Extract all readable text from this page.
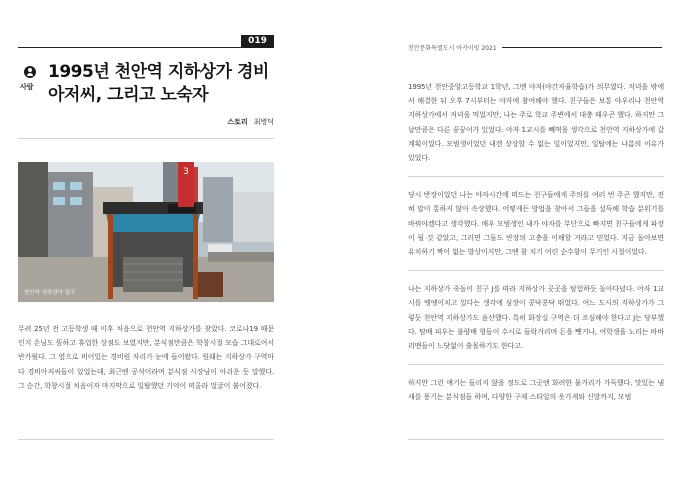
019
사람
1995년 천안역 지하상가 경비아저씨, 그리고 노숙자
스토리 최병덕
3
천안역 지하상가 입구

무려 25년 전 고등학생 때 이후 처음으로 천안역 지하상가를 찾았다. 코로나19 때문인지 손님도 뜸하고 휴업한 상점도 보였지만, 분식점만큼은 학창시절 모습 그대로여서 반가웠다. 그 옆으로 비어있는 경비원 자리가 눈에 들어왔다. 원래는 지하상가 구역마다 경비아저씨들이 있었는데, 최근엔 공석이라며 분식점 사장님이 아쉬운 듯 말했다. 그 순간, 학창시절 처음이자 마지막으로 일탈했던 기억이 떠올라 얼굴이 붉어졌다.

천안문화특별도시 아카이빙 2021

1995년 천안중앙고등학교 1학년, 그땐 야자(야간자율학습)가 의무였다. 저녁을 밖에서 해결한 뒤 오후 7시부터는 야자에 참여해야 했다. 친구들은 보통 야우리나 천안역 지하상가에서 저녁을 먹었지만, 나는 주로 학교 주변에서 대충 때우곤 했다. 하지만 그날만큼은 다른 꿍꿍이가 있었다. 야자 1교시를 빼먹을 생각으로 천안역 지하상가에 갈 계획이었다. 모범생이었던 내겐 상상할 수 없는 일이었지만, 일탈에는 나름의 이유가 있었다.

당시 반장이었던 나는 야자시간에 떠드는 친구들에게 주의를 여러 번 주곤 했지만, 전혀 말이 통하지 않아 속상했다. 어떻게든 방법을 찾아서 그들을 설득해 학습 분위기를 바꿔야겠다고 생각했다. 매우 모범생인 내가 야자를 무단으로 빠지면 친구들에게 파장이 될 것 같았고, 그러면 그들도 반장의 고충을 이해할 거라고 믿었다. 지금 돌아보면 유치하기 짝이 없는 발상이지만, 그땐 참 치기 어린 순수함이 무기인 시절이었다.

나는 지하상가 죽돌이 친구 J를 따라 지하상가 곳곳을 탐험하듯 돌아다녔다. 야자 1교시를 땡땡이치고 있다는 생각에 심장이 콩닥콩닥 뛰었다. 여느 도시의 지하상가가 그렇듯 천안역 지하상가도 음산했다. 특히 화장실 구역은 더 조심해야 한다고 J는 당부했다. 탐배 피우는 불량배 형들이 수시로 들락거리며 돈을 뺏거나, 여학생을 노리는 바바리맨들이 느닷없이 출몰하기도 한다고.

하지만 그런 얘기는 들리지 않을 정도로 그곳엔 화려한 물거리가 가득했다. 맛있는 냄새를 풍기는 분식점들 하며, 다양한 구제 스타일의 옷가게와 신발까지, 모범
